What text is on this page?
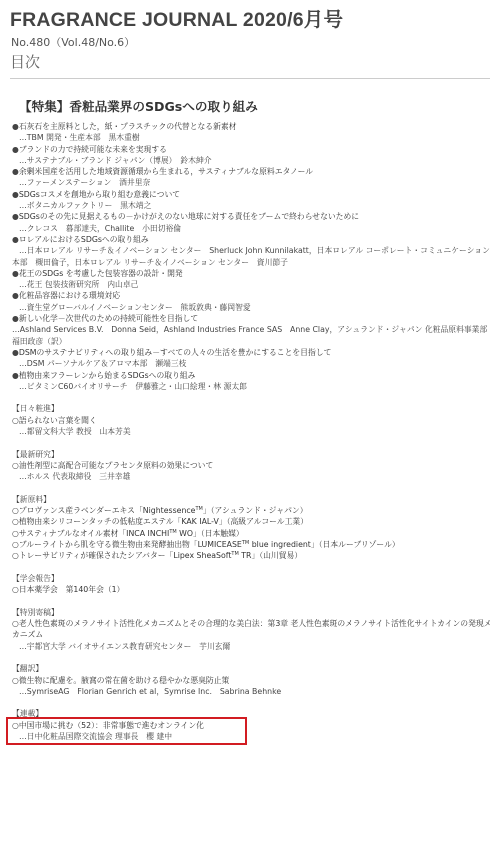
FRAGRANCE JOURNAL 2020/6月号
No.480（Vol.48/No.6）
目次
【特集】香粧品業界のSDGsへの取り組み
●石灰石を主原料とした，紙・プラスチックの代替となる新素材
…TBM 開発・生産本部　黒木重樹
●ブランドの力で持続可能な未来を実現する
…サステナブル・ブランド ジャパン（博展）　鈴木紳介
●余剰米国産を活用した地域資源循環から生まれる，サスティナブルな原料エタノール
…ファーメンステーション　酒井里奈
●SDGsコスメを創地から取り組む意義について
…ボタニカルファクトリー　黒木靖之
●SDGsのその先に見据えるもの－かけがえのない地球に対する責任をブームで終わらせないために
…クレコス　暮部達夫，Challite　小田切裕倫
●ロレアルにおけるSDGsへの取り組み
…日本ロレアル リサーチ＆イノベーション センター　Sherluck John Kunnilakatt，日本ロレアル コーポレート・コミュニケーション本部　槻田倫子，日本ロレアル リサーチ＆イノベーション センター　資川節子
●花王のSDGs を考慮した包装容器の設計・開発
…花王 包装技術研究所　内山卓己
●化粧品容器における環境対応
…資生堂グローバルイノベーションセンター　熊坂敦典・藤岡智愛
●新しい化学－次世代のための持続可能性を目指して
…Ashland Services B.V.　Donna Seid，Ashland Industries France SAS　Anne Clay，アシュランド・ジャパン 化粧品原料事業部　福田政彦（訳）
●DSMのサステナビリティへの取り組み－すべての人々の生活を豊かにすることを目指して
…DSM パーソナルケア＆アロマ本部　瀬端三枝
●植物由来フラーレンから始まるSDGsへの取り組み
…ビタミンC60バイオリサーチ　伊藤雅之・山口絵理・林 源太郎
【日々粧進】
○語られない言葉を聞く
…都留文科大学 教授　山本芳美
【最新研究】
○油性剤型に高配合可能なプラセンタ原料の効果について
…ホルス 代表取締役　三井幸雄
【新原料】
○プロヴァンス産ラベンダーエキス「Nightessence™」（アシュランド・ジャパン）
○植物由来シリコーンタッチの低粘度エステル「KAK IAL-V」（高級アルコール工業）
○サスティナブルなオイル素材「INCA INCHI™ WO」（日本触媒）
○ブルーライトから肌を守る微生物由来発酵抽出物「LUMICEASE™ blue ingredient」（日本ルーブリゾール）
○トレーサビリティが確保されたシアバター「Lipex SheaSoft™ TR」（山川貿易）
【学会報告】
○日本薬学会　第140年会（1）
【特別寄稿】
○老人性色素斑のメラノサイト活性化メカニズムとその合理的な美白法：第3章 老人性色素斑のメラノサイト活性化サイトカインの発現メカニズム
…宇都宮大学 バイオサイエンス教育研究センター　芋川玄爾
【翻訳】
○微生物に配慮を。腋窩の常在菌を助ける穏やかな悪臭防止策
…SymriseAG　Florian Genrich et al，Symrise Inc.　Sabrina Behnke
【連載】
○中国市場に挑む（52）：非常事態で進むオンライン化
…日中化粧品国際交流協会 理事長　櫻 建中
